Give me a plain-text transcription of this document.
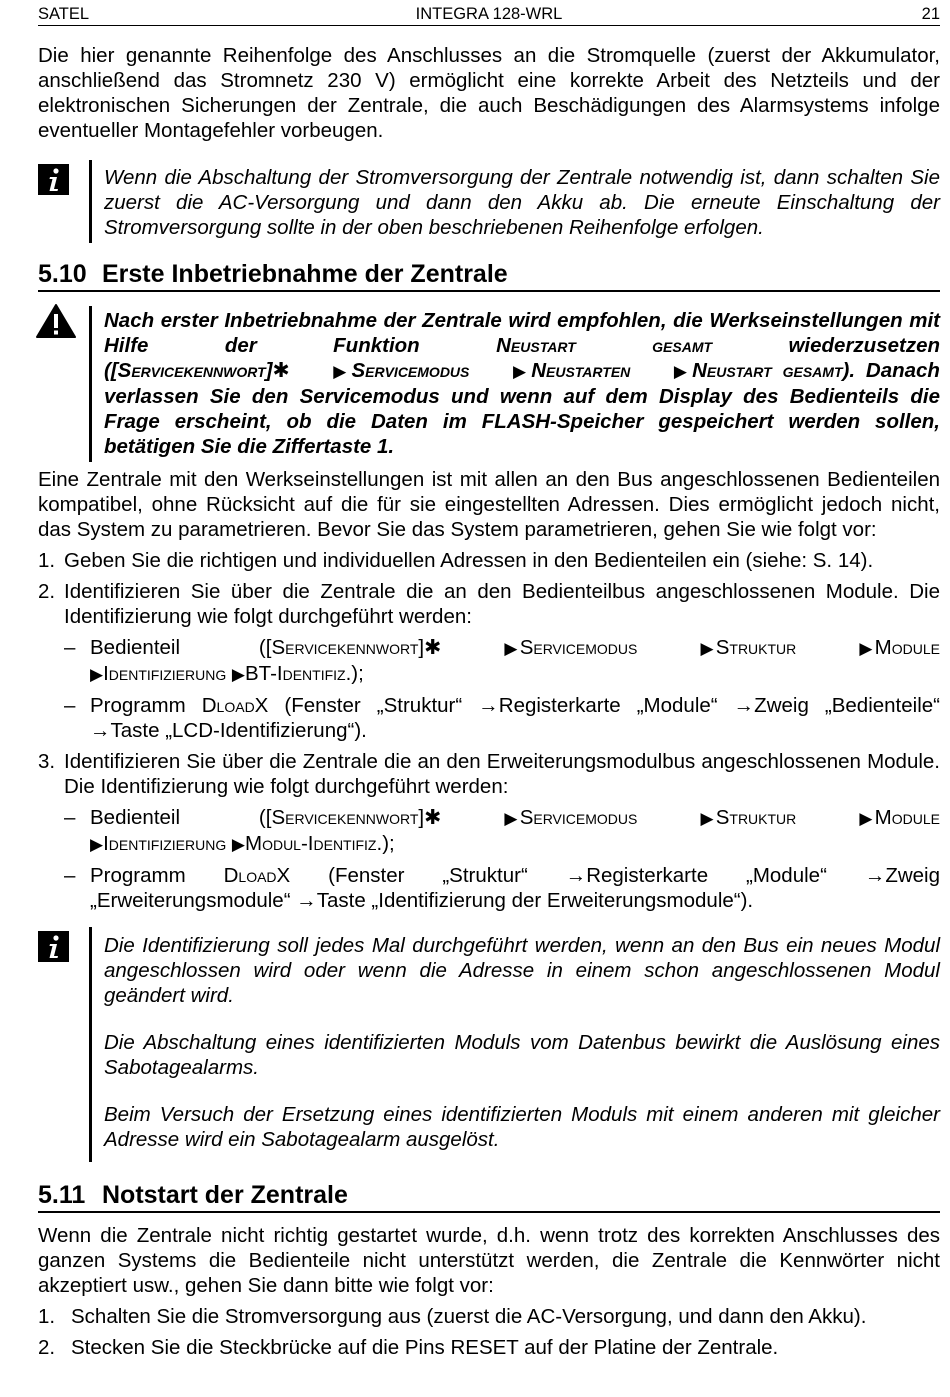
SATEL	INTEGRA 128-WRL	21

Die hier genannte Reihenfolge des Anschlusses an die Stromquelle (zuerst der Akkumulator, anschließend das Stromnetz 230 V) ermöglicht eine korrekte Arbeit des Netzteils und der elektronischen Sicherungen der Zentrale, die auch Beschädigungen des Alarmsystems infolge eventueller Montagefehler vorbeugen.

Wenn die Abschaltung der Stromversorgung der Zentrale notwendig ist, dann schalten Sie zuerst die AC-Versorgung und dann den Akku ab. Die erneute Einschaltung der Stromversorgung sollte in der oben beschriebenen Reihenfolge erfolgen.

5.10 Erste Inbetriebnahme der Zentrale

Nach erster Inbetriebnahme der Zentrale wird empfohlen, die Werkseinstellungen mit Hilfe der Funktion Neustart gesamt wiederzusetzen ([Servicekennwort]✱	▶Servicemodus	▶Neustarten	▶Neustart gesamt). Danach verlassen Sie den Servicemodus und wenn auf dem Display des Bedienteils die Frage erscheint, ob die Daten im FLASH-Speicher gespeichert werden sollen, betätigen Sie die Ziffertaste 1.

Eine Zentrale mit den Werkseinstellungen ist mit allen an den Bus angeschlossenen Bedienteilen kompatibel, ohne Rücksicht auf die für sie eingestellten Adressen. Dies ermöglicht jedoch nicht, das System zu parametrieren. Bevor Sie das System parametrieren, gehen Sie wie folgt vor:

1. Geben Sie die richtigen und individuellen Adressen in den Bedienteilen ein (siehe: S. 14).

2. Identifizieren Sie über die Zentrale die an den Bedienteilbus angeschlossenen Module. Die Identifizierung wie folgt durchgeführt werden:

– Bedienteil	([Servicekennwort]✱	▶Servicemodus	▶Struktur	▶Module ▶Identifizierung ▶BT-Identifiz.);

– Programm DloadX (Fenster „Struktur“ →Registerkarte „Module“ →Zweig „Bedienteile“ →Taste „LCD-Identifizierung“).

3. Identifizieren Sie über die Zentrale die an den Erweiterungsmodulbus angeschlossenen Module. Die Identifizierung wie folgt durchgeführt werden:

– Bedienteil	([Servicekennwort]✱	▶Servicemodus	▶Struktur	▶Module ▶Identifizierung ▶Modul-Identifiz.);

– Programm DloadX (Fenster „Struktur“ →Registerkarte „Module“ →Zweig „Erweiterungsmodule“ →Taste „Identifizierung der Erweiterungsmodule“).

Die Identifizierung soll jedes Mal durchgeführt werden, wenn an den Bus ein neues Modul angeschlossen wird oder wenn die Adresse in einem schon angeschlossenen Modul geändert wird.

Die Abschaltung eines identifizierten Moduls vom Datenbus bewirkt die Auslösung eines Sabotagealarms.

Beim Versuch der Ersetzung eines identifizierten Moduls mit einem anderen mit gleicher Adresse wird ein Sabotagealarm ausgelöst.

5.11 Notstart der Zentrale

Wenn die Zentrale nicht richtig gestartet wurde, d.h. wenn trotz des korrekten Anschlusses des ganzen Systems die Bedienteile nicht unterstützt werden, die Zentrale die Kennwörter nicht akzeptiert usw., gehen Sie dann bitte wie folgt vor:

1. Schalten Sie die Stromversorgung aus (zuerst die AC-Versorgung, und dann den Akku).

2. Stecken Sie die Steckbrücke auf die Pins RESET auf der Platine der Zentrale.
